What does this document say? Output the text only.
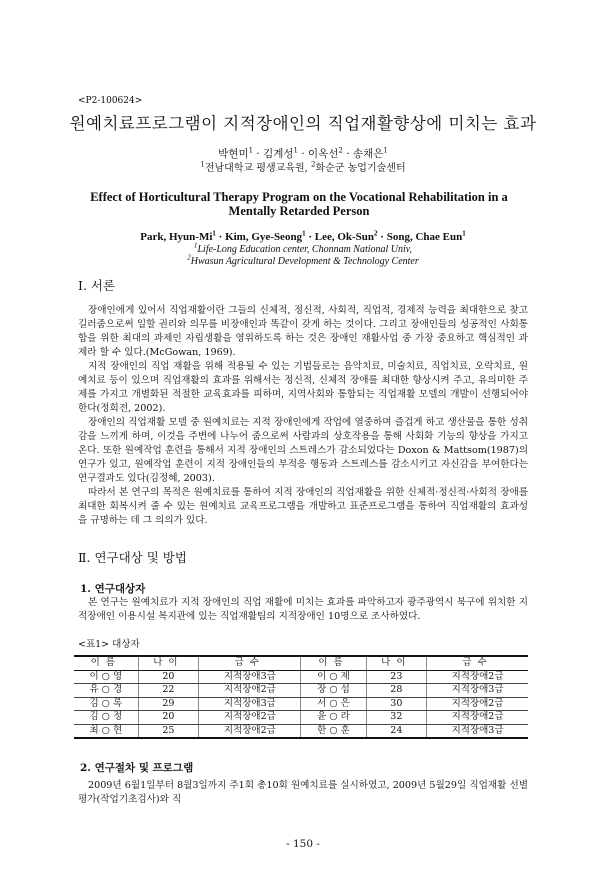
<P2-100624>
원예치료프로그램이 지적장애인의 직업재활향상에 미치는 효과
박현미$^1$ · 김계성$^1$ · 이옥선$^2$ · 송채은$^1$
$^1$전남대학교 평생교육원, $^2$화순군 농업기술센터
Effect of Horticultural Therapy Program on the Vocational Rehabilitation in a
Mentally Retarded Person
Park, Hyun-$Mi^1$ · Kim, Gye-Seong$^1$ · Lee, Ok-Sun$^2$ · Song, Chae Eun$^1$
$^1$Life-Long Education center, Chonnam National Univ,
$^2$Hwasun Agricultural Development & Technology Center
Ⅰ. 서론

장애인에게 있어서 직업재활이란 그들의 신체적, 정신적, 사회적, 직업적, 경제적 능력을 최대한으로 찾고 길러줌으로써 일할 권리와 의무를 비장애인과 똑같이 갖게 하는 것이다. 그리고 장애인들의 성공적인 사회통합을 위한 최대의 과제인 자립생활을 영위하도록 하는 것은 장애인 재활사업 중 가장 중요하고 핵심적인 과제라 할 수 있다.(McGowan, 1969).

지적 장애인의 직업 재활을 위해 적용될 수 있는 기법들로는 음악치료, 미술치료, 직업치료, 오락치료, 원예치료 등이 있으며 직업재활의 효과를 위해서는 정신적, 신체적 장애를 최대한 향상시켜 주고, 유의미한 주제를 가지고 개별화된 적절한 교육효과를 피하며, 지역사회와 통합되는 직업재활 모델의 개발이 선행되어야 한다(정희전, 2002).

장애인의 직업재활 모델 중 원예치료는 지적 장애인에게 작업에 열중하며 즐겁게 하고 생산물을 통한 성취감을 느끼게 하며, 이것을 주변에 나누어 줌으로써 사람과의 상호작용을 통해 사회화 기능의 향상을 가지고 온다. 또한 원예작업 훈련을 통해서 지적 장애인의 스트레스가 감소되었다는 Doxon & Mattsom(1987)의 연구가 있고, 원예작업 훈련이 지적 장애인들의 부적응 행동과 스트레스를 감소시키고 자신감을 부여한다는 연구결과도 있다(김정혜, 2003).

따라서 본 연구의 목적은 원예치료를 통하여 지적 장애인의 직업재활을 위한 신체적·정신적·사회적 장애를 최대한 회복시켜 줄 수 있는 원예치료 교육프로그램을 개발하고 표준프로그램을 통하여 직업재활의 효과성을 규명하는 데 그 의의가 있다.

Ⅱ. 연구대상 및 방법
1. 연구대상자

본 연구는 원예치료가 지적 장애인의 직업 재활에 미치는 효과를 파악하고자 광주광역시 북구에 위치한 지적장애인 이용시설 복지관에 있는 직업재활팀의 지적장애인 10명으로 조사하였다.

<표1> 대상자
이름	나이	급수	이름	나이	급수
이 ○ 영	20	지적장애3급	이 ○ 제	23	지적장애2급
유 ○ 경	22	지적장애2급	장 ○ 섭	28	지적장애3급
김 ○ 록	29	지적장애3급	서 ○ 은	30	지적장애2급
김 ○ 정	20	지적장애2급	윤 ○ 라	32	지적장애2급
최 ○ 현	25	지적장애2급	한 ○ 훈	24	지적장애3급
2. 연구절차 및 프로그램

2009년 6월1일부터 8월3일까지 주1회 총10회 원예치료를 실시하였고, 2009년 5월29일 직업재활 선별평가(작업기초검사)와 직

- 150 -
